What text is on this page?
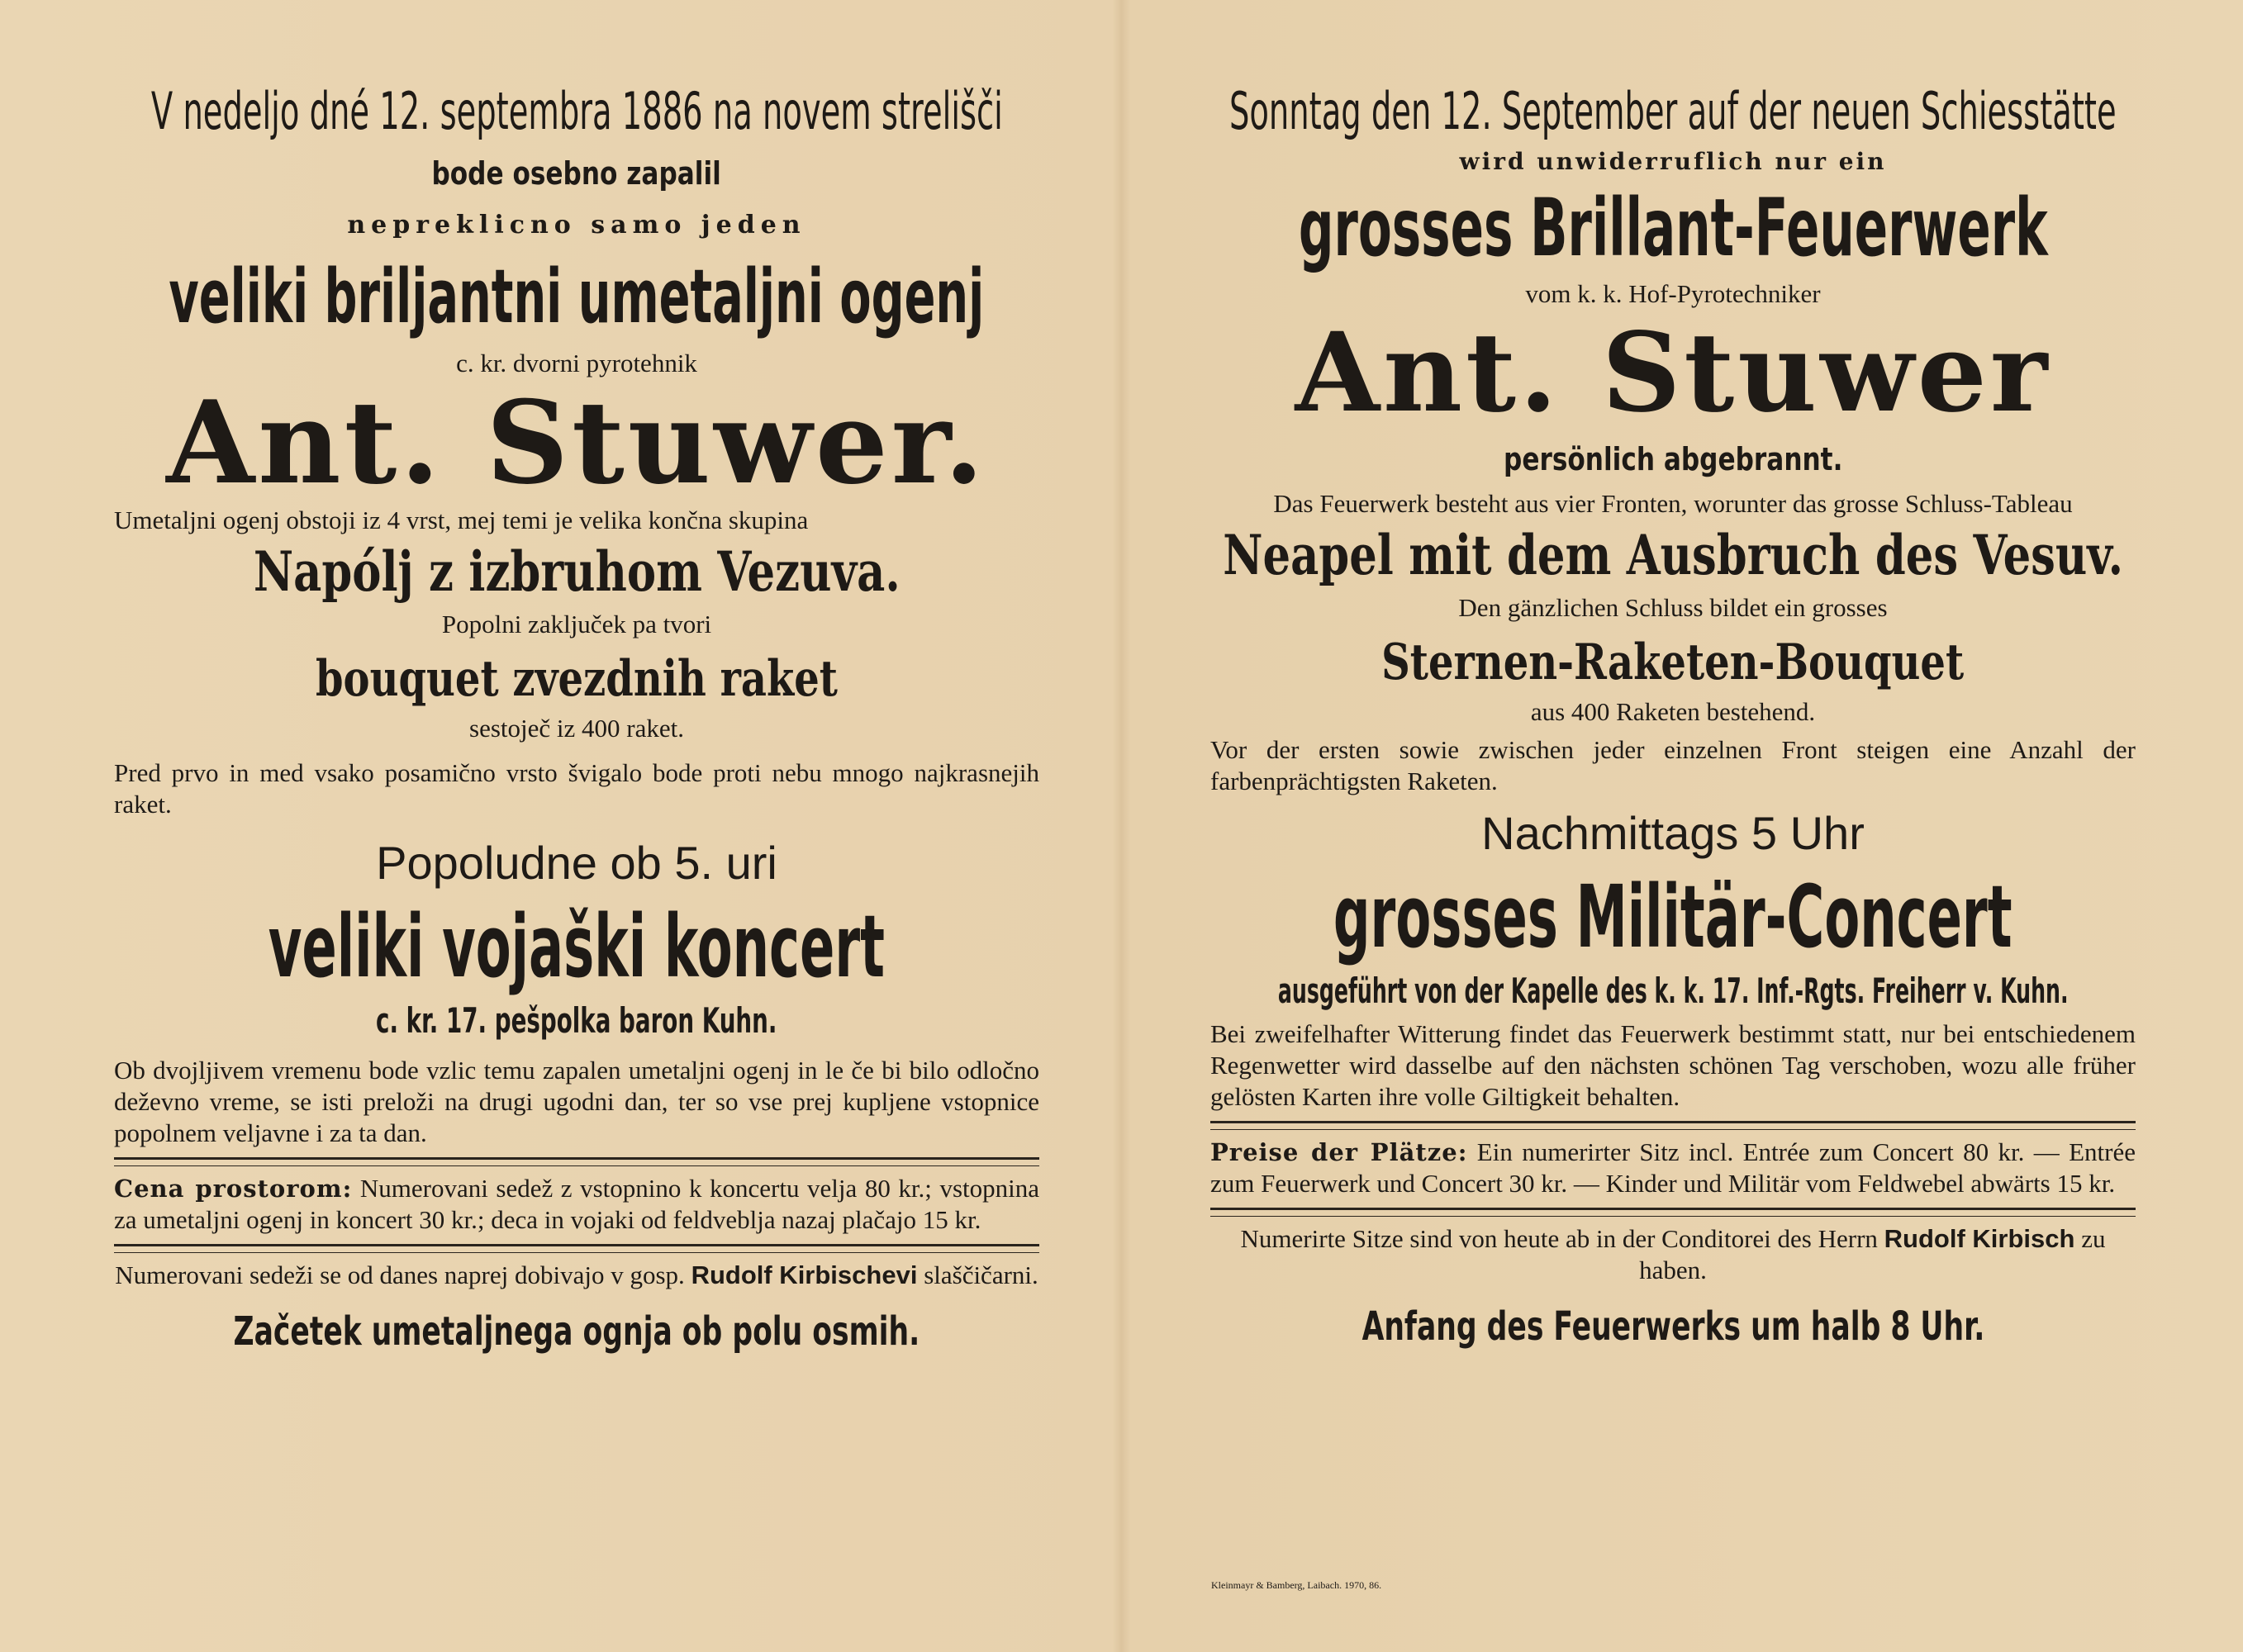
V nedeljo dné 12. septembra 1886 na novem strelišči
bode osebno zapalil
nepreklicno samo jeden
veliki briljantni umetaljni ogenj
c. kr. dvorni pyrotehnik
Ant. Stuwer.
Umetaljni ogenj obstoji iz 4 vrst, mej temi je velika končna skupina
Napólj z izbruhom Vezuva.
Popolni zaključek pa tvori
bouquet zvezdnih raket
sestoječ iz 400 raket.
Pred prvo in med vsako posamično vrsto švigalo bode proti nebu mnogo najkrasnejih raket.
Popoludne ob 5. uri
veliki vojaški koncert
c. kr. 17. pešpolka baron Kuhn.
Ob dvojljivem vremenu bode vzlic temu zapalen umetaljni ogenj in le če bi bilo odločno deževno vreme, se isti preloži na drugi ugodni dan, ter so vse prej kupljene vstopnice popolnem veljavne i za ta dan.
Cena prostorom: Numerovani sedež z vstopnino k koncertu velja 80 kr.; vstopnina za umetaljni ogenj in koncert 30 kr.; deca in vojaki od feldveblja nazaj plačajo 15 kr.
Numerovani sedeži se od danes naprej dobivajo v gosp. Rudolf Kirbischevi slaščičarni.
Začetek umetaljnega ognja ob polu osmih.
Sonntag den 12. September auf der neuen Schiesstätte
wird unwiderruflich nur ein
grosses Brillant-Feuerwerk
vom k. k. Hof-Pyrotechniker
Ant. Stuwer
persönlich abgebrannt.
Das Feuerwerk besteht aus vier Fronten, worunter das grosse Schluss-Tableau
Neapel mit dem Ausbruch des Vesuv.
Den gänzlichen Schluss bildet ein grosses
Sternen-Raketen-Bouquet
aus 400 Raketen bestehend.
Vor der ersten sowie zwischen jeder einzelnen Front steigen eine Anzahl der farbenprächtigsten Raketen.
Nachmittags 5 Uhr
grosses Militär-Concert
ausgeführt von der Kapelle des k. k. 17. Inf.-Rgts. Freiherr v. Kuhn.
Bei zweifelhafter Witterung findet das Feuerwerk bestimmt statt, nur bei entschiedenem Regenwetter wird dasselbe auf den nächsten schönen Tag verschoben, wozu alle früher gelösten Karten ihre volle Giltigkeit behalten.
Preise der Plätze: Ein numerirter Sitz incl. Entrée zum Concert 80 kr. — Entrée zum Feuerwerk und Concert 30 kr. — Kinder und Militär vom Feldwebel abwärts 15 kr.
Numerirte Sitze sind von heute ab in der Conditorei des Herrn Rudolf Kirbisch zu haben.
Anfang des Feuerwerks um halb 8 Uhr.
Kleinmayr & Bamberg, Laibach. 1970, 86.
